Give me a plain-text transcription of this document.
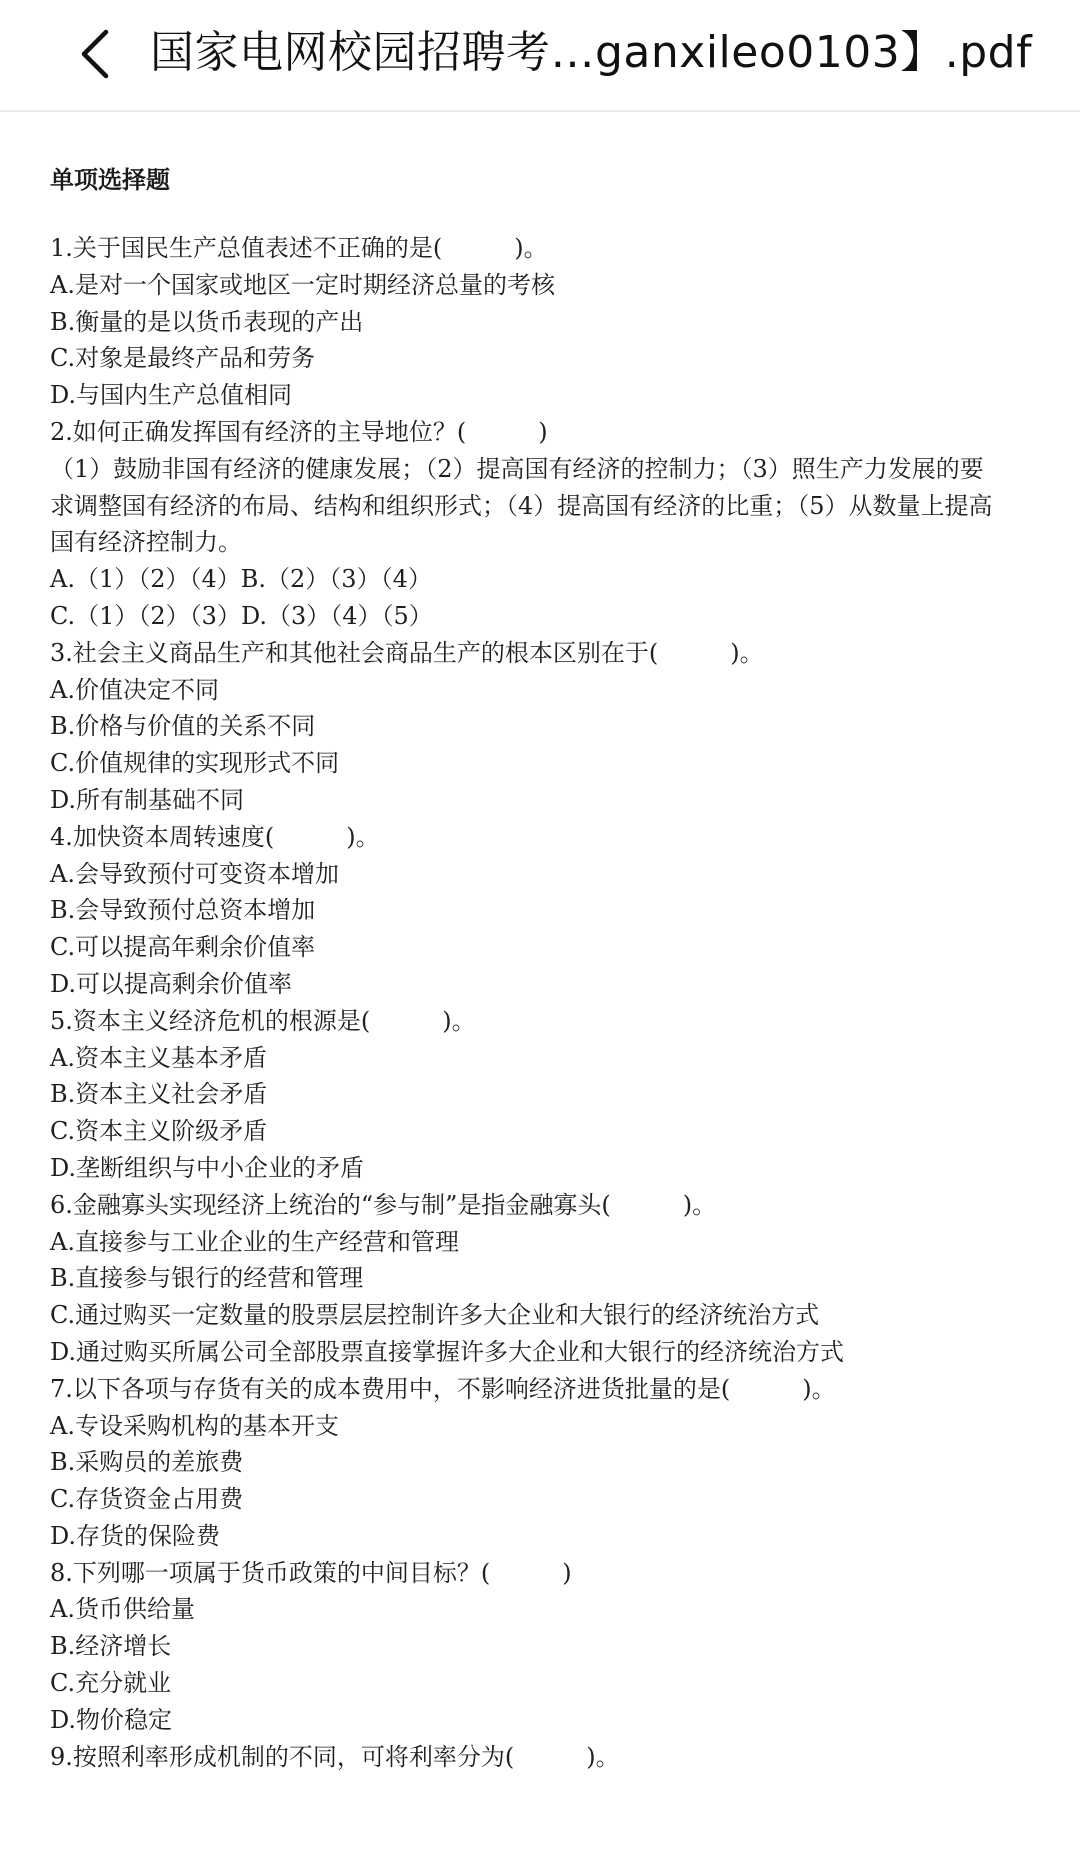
国家电网校园招聘考…ganxileo0103】.pdf
单项选择题
1.关于国民生产总值表述不正确的是(　　　)。
A.是对一个国家或地区一定时期经济总量的考核
B.衡量的是以货币表现的产出
C.对象是最终产品和劳务
D.与国内生产总值相同
2.如何正确发挥国有经济的主导地位？(　　　)
（1）鼓励非国有经济的健康发展；（2）提高国有经济的控制力；（3）照生产力发展的要
求调整国有经济的布局、结构和组织形式；（4）提高国有经济的比重；（5）从数量上提高
国有经济控制力。
A.（1）（2）（4）B.（2）（3）（4）
C.（1）（2）（3）D.（3）（4）（5）
3.社会主义商品生产和其他社会商品生产的根本区别在于(　　　)。
A.价值决定不同
B.价格与价值的关系不同
C.价值规律的实现形式不同
D.所有制基础不同
4.加快资本周转速度(　　　)。
A.会导致预付可变资本增加
B.会导致预付总资本增加
C.可以提高年剩余价值率
D.可以提高剩余价值率
5.资本主义经济危机的根源是(　　　)。
A.资本主义基本矛盾
B.资本主义社会矛盾
C.资本主义阶级矛盾
D.垄断组织与中小企业的矛盾
6.金融寡头实现经济上统治的“参与制”是指金融寡头(　　　)。
A.直接参与工业企业的生产经营和管理
B.直接参与银行的经营和管理
C.通过购买一定数量的股票层层控制许多大企业和大银行的经济统治方式
D.通过购买所属公司全部股票直接掌握许多大企业和大银行的经济统治方式
7.以下各项与存货有关的成本费用中，不影响经济进货批量的是(　　　)。
A.专设采购机构的基本开支
B.采购员的差旅费
C.存货资金占用费
D.存货的保险费
8.下列哪一项属于货币政策的中间目标？(　　　)
A.货币供给量
B.经济增长
C.充分就业
D.物价稳定
9.按照利率形成机制的不同，可将利率分为(　　　)。
